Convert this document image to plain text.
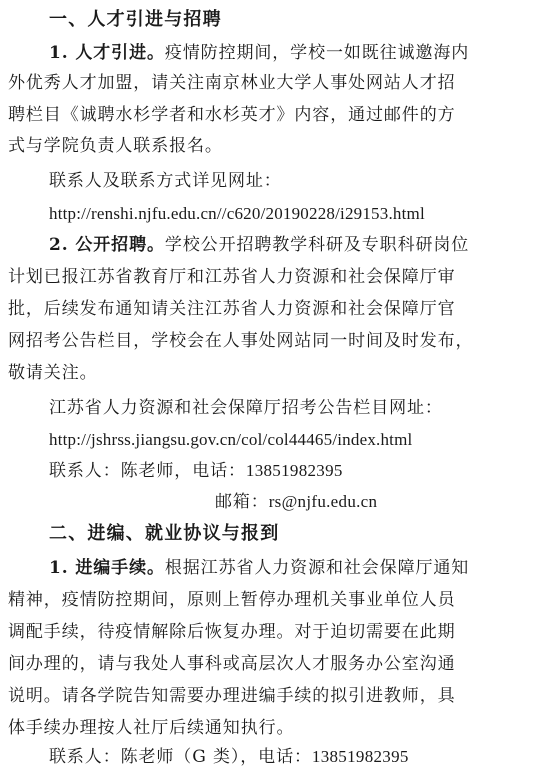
一、人才引进与招聘
1. 人才引进。疫情防控期间，学校一如既往诚邀海内
外优秀人才加盟，请关注南京林业大学人事处网站人才招
聘栏目《诚聘水杉学者和水杉英才》内容，通过邮件的方
式与学院负责人联系报名。
联系人及联系方式详见网址：
http://renshi.njfu.edu.cn//c620/20190228/i29153.html
2. 公开招聘。学校公开招聘教学科研及专职科研岗位
计划已报江苏省教育厅和江苏省人力资源和社会保障厅审
批，后续发布通知请关注江苏省人力资源和社会保障厅官
网招考公告栏目，学校会在人事处网站同一时间及时发布，
敬请关注。
江苏省人力资源和社会保障厅招考公告栏目网址：
http://jshrss.jiangsu.gov.cn/col/col44465/index.html
联系人：陈老师，电话：13851982395
邮箱：rs@njfu.edu.cn
二、进编、就业协议与报到
1. 进编手续。根据江苏省人力资源和社会保障厅通知
精神，疫情防控期间，原则上暂停办理机关事业单位人员
调配手续，待疫情解除后恢复办理。对于迫切需要在此期
间办理的，请与我处人事科或高层次人才服务办公室沟通
说明。请各学院告知需要办理进编手续的拟引进教师，具
体手续办理按人社厅后续通知执行。
联系人：陈老师（G 类），电话：13851982395
